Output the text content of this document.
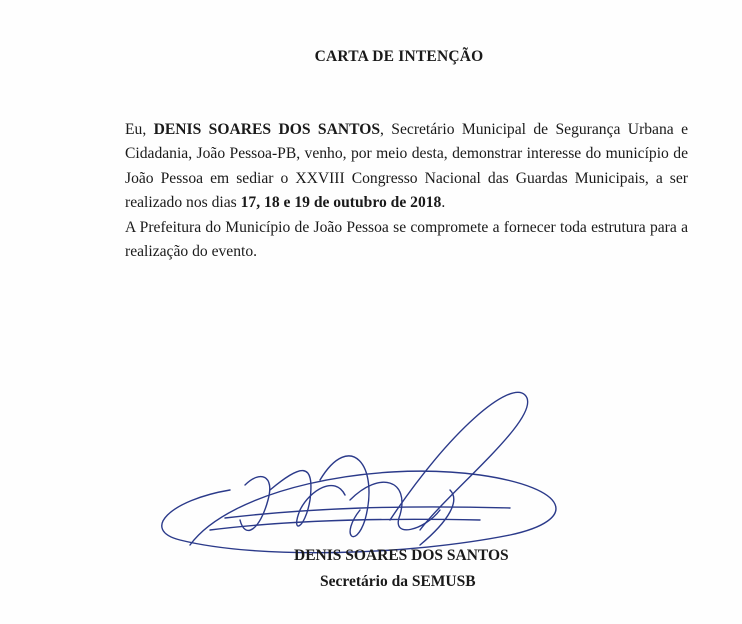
CARTA DE INTENÇÃO

Eu, DENIS SOARES DOS SANTOS, Secretário Municipal de Segurança Urbana e Cidadania, João Pessoa-PB, venho, por meio desta, demonstrar interesse do município de João Pessoa em sediar o XXVIII Congresso Nacional das Guardas Municipais, a ser realizado nos dias 17, 18 e 19 de outubro de 2018.

A Prefeitura do Município de João Pessoa se compromete a fornecer toda estrutura para a realização do evento.

DENIS SOARES DOS SANTOS
Secretário da SEMUSB
